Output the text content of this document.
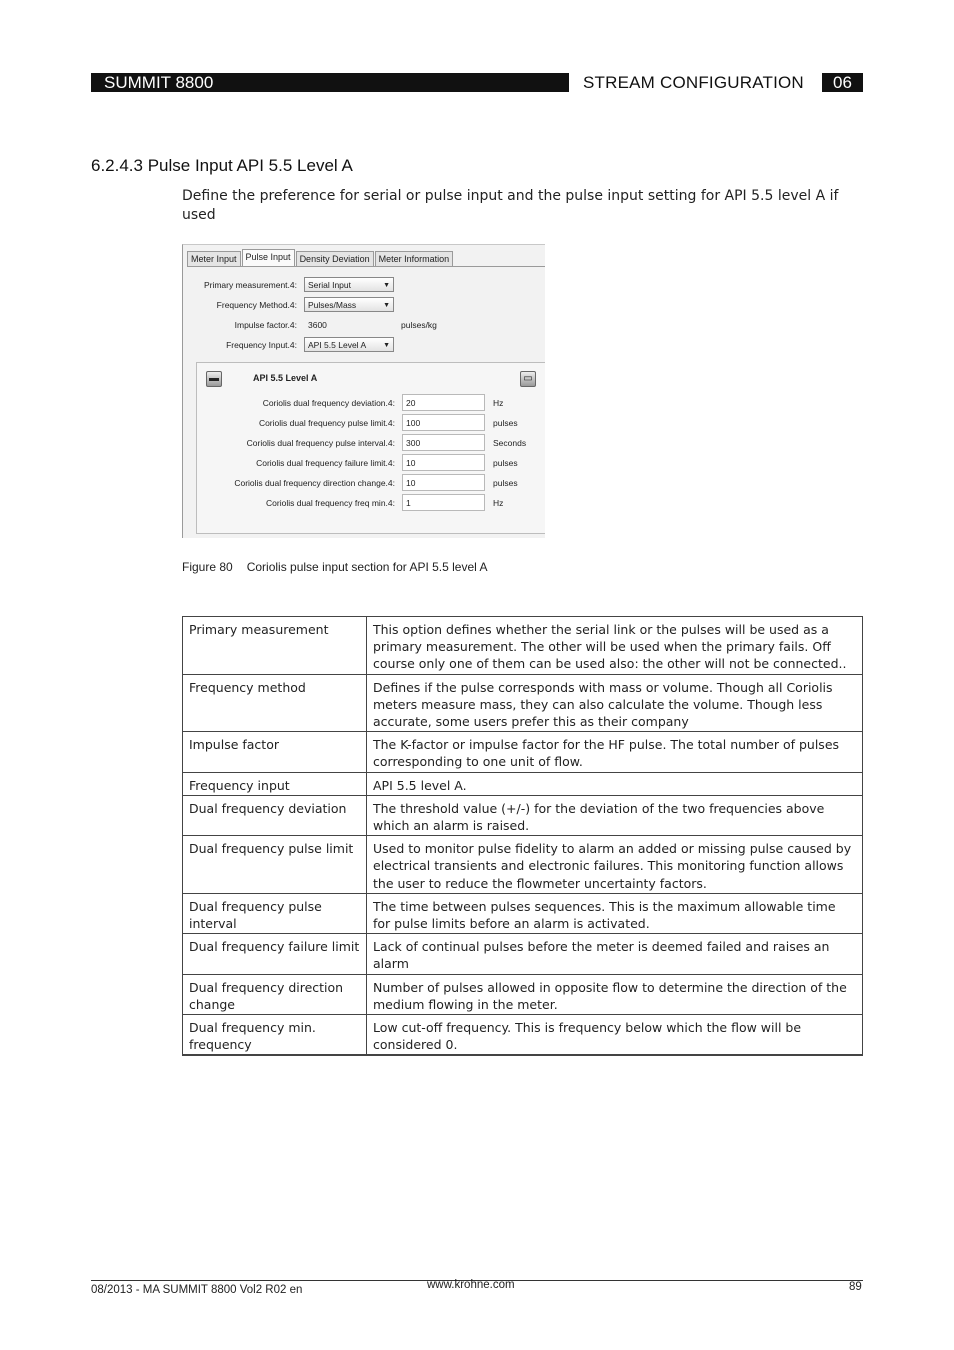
SUMMIT 8800	STREAM CONFIGURATION	06
6.2.4.3 Pulse Input API 5.5 Level A
Define the preference for serial or pulse input and the pulse input setting for API 5.5 level A if used
Meter Input	Pulse Input	Density Deviation	Meter Information
Primary measurement.4:	Serial Input	▼
Frequency Method.4:	Pulses/Mass	▼
Impulse factor.4:	3600	pulses/kg
Frequency Input.4:	API 5.5 Level A ▼
▬	API 5.5 Level A	▭
Coriolis dual frequency deviation.4:	20	Hz
Coriolis dual frequency pulse limit.4:	100	pulses
Coriolis dual frequency pulse interval.4:	300	Seconds
Coriolis dual frequency failure limit.4:	10	pulses
Coriolis dual frequency direction change.4:	10	pulses
Coriolis dual frequency freq min.4:	1	Hz
Figure 80 Coriolis pulse input section for API 5.5 level A
Primary measurement	This option defines whether the serial link or the pulses will be used as a primary measurement. The other will be used when the primary fails. Off course only one of them can be used also: the other will not be connected..
Frequency method	Defines if the pulse corresponds with mass or volume. Though all Coriolis meters measure mass, they can also calculate the volume. Though less accurate, some users prefer this as their company
Impulse factor	The K-factor or impulse factor for the HF pulse. The total number of pulses corresponding to one unit of flow.
Frequency input	API 5.5 level A.
Dual frequency deviation	The threshold value (+/-) for the deviation of the two frequencies above which an alarm is raised.
Dual frequency pulse limit	Used to monitor pulse fidelity to alarm an added or missing pulse caused by electrical transients and electronic failures. This monitoring function allows the user to reduce the flowmeter uncertainty factors.
Dual frequency pulse interval	The time between pulses sequences. This is the maximum allowable time for pulse limits before an alarm is activated.
Dual frequency failure limit	Lack of continual pulses before the meter is deemed failed and raises an alarm
Dual frequency direction change	Number of pulses allowed in opposite flow to determine the direction of the medium flowing in the meter.
Dual frequency min. frequency	Low cut-off frequency. This is frequency below which the flow will be considered 0.
08/2013 - MA SUMMIT 8800 Vol2 R02 en	www.krohne.com	89
